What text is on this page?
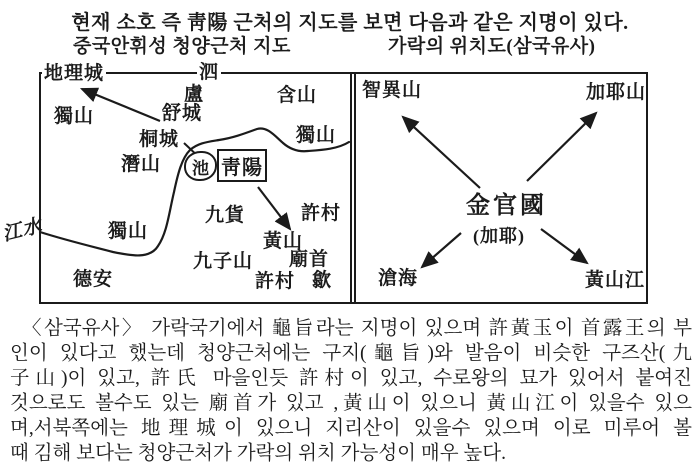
현재 소호 즉 靑陽 근처의 지도를 보면 다음과 같은 지명이 있다.
중국안휘성 청양근처 지도	가락의 위치도(삼국유사)
地理城	泗
盧	含山
獨山	舒城
桐城	獨山
潛山	池 靑陽
九貨	許村
黃山
九子山 廟首
獨山
德安	許村 歙
江水
智異山	加耶山
金官國
(加耶)
滄海	黃山江
〈삼국유사〉 가락국기에서 龜旨라는 지명이 있으며 許黃玉이 首露王의 부
인이 있다고 했는데 청양근처에는 구지(龜旨)와 발음이 비슷한 구즈산(九
子山)이 있고, 許氏 마을인듯 許村이 있고, 수로왕의 묘가 있어서 붙여진
것으로도 볼수도 있는 廟首가 있고 ,黃山이 있으니 黃山江이 있을수 있으
며,서북쪽에는 地理城이 있으니 지리산이 있을수 있으며 이로 미루어 볼
때 김해 보다는 청양근처가 가락의 위치 가능성이 매우 높다.
